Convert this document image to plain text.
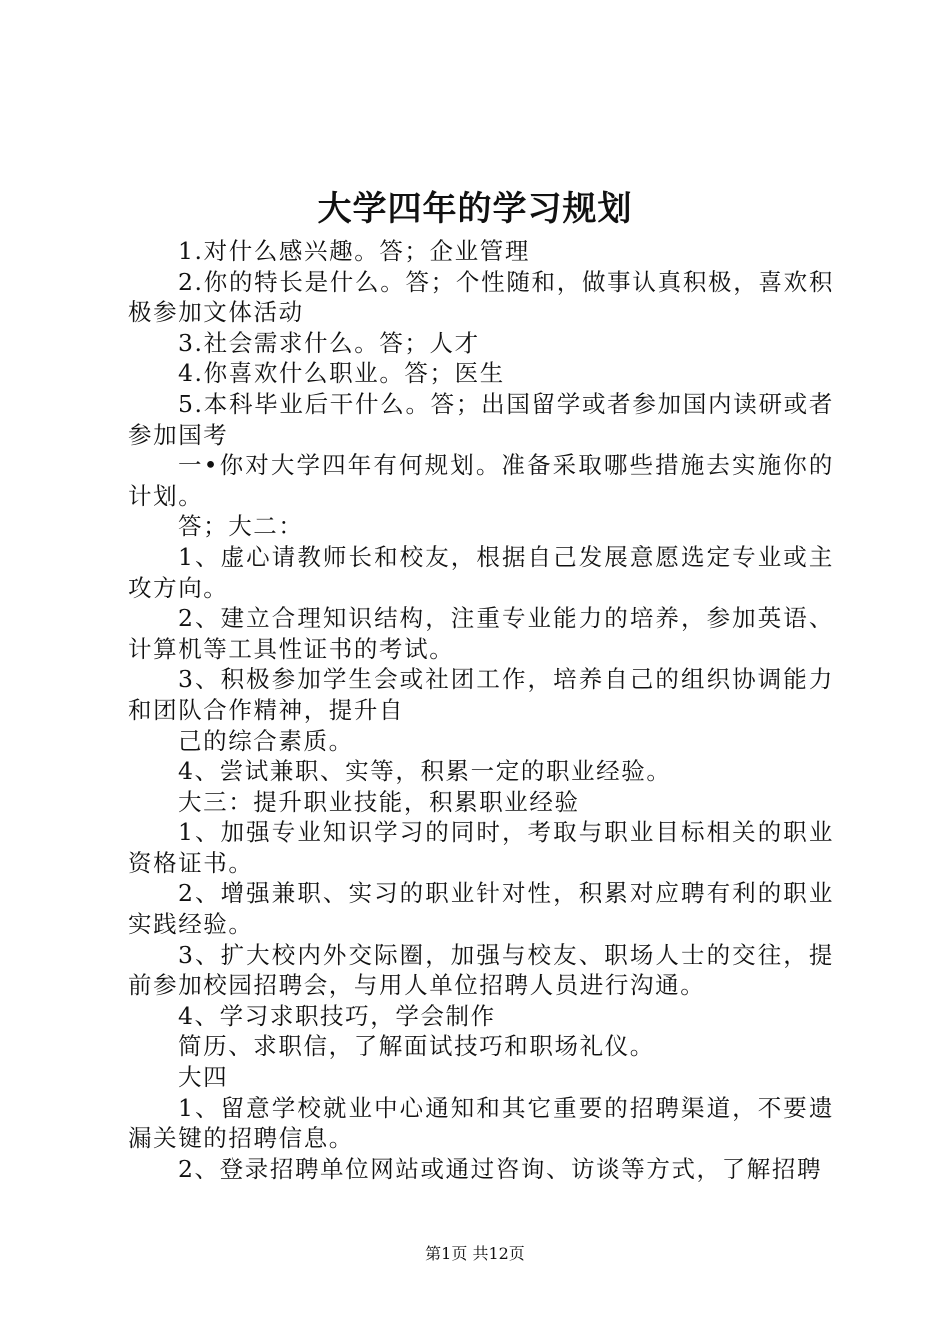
大学四年的学习规划

1.对什么感兴趣。答；企业管理

2.你的特长是什么。答；个性随和，做事认真积极，喜欢积极参加文体活动

3.社会需求什么。答；人才

4.你喜欢什么职业。答；医生

5.本科毕业后干什么。答；出国留学或者参加国内读研或者参加国考

一•你对大学四年有何规划。准备采取哪些措施去实施你的计划。

答；大二：

1、虚心请教师长和校友，根据自己发展意愿选定专业或主攻方向。

2、建立合理知识结构，注重专业能力的培养，参加英语、计算机等工具性证书的考试。

3、积极参加学生会或社团工作，培养自己的组织协调能力和团队合作精神，提升自

己的综合素质。

4、尝试兼职、实等，积累一定的职业经验。

大三：提升职业技能，积累职业经验

1、加强专业知识学习的同时，考取与职业目标相关的职业资格证书。

2、增强兼职、实习的职业针对性，积累对应聘有利的职业实践经验。

3、扩大校内外交际圈，加强与校友、职场人士的交往，提前参加校园招聘会，与用人单位招聘人员进行沟通。

4、学习求职技巧，学会制作

简历、求职信，了解面试技巧和职场礼仪。

大四

1、留意学校就业中心通知和其它重要的招聘渠道，不要遗漏关键的招聘信息。

2、登录招聘单位网站或通过咨询、访谈等方式，了解招聘

第1页 共12页
